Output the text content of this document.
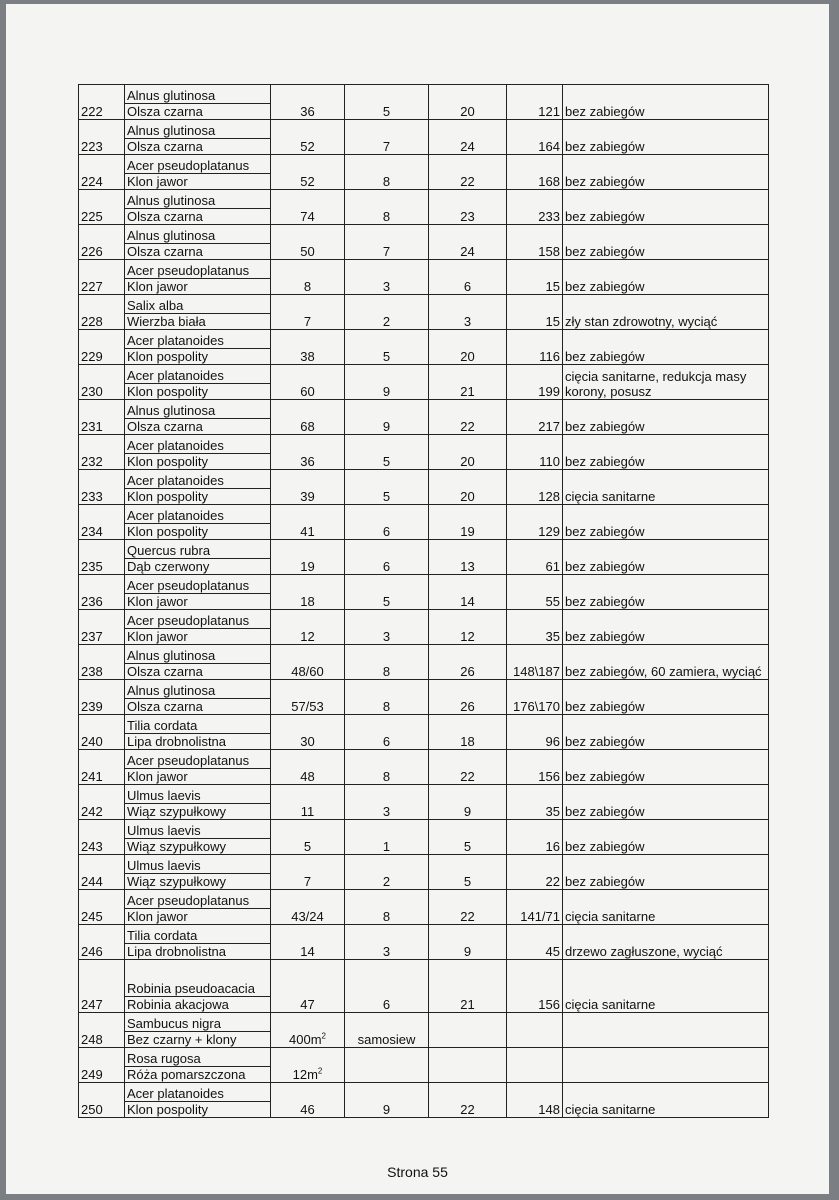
222	Alnus glutinosa
Olsza czarna	36	5	20	121	bez zabiegów
223	Alnus glutinosa
Olsza czarna	52	7	24	164	bez zabiegów
224	Acer pseudoplatanus
Klon jawor	52	8	22	168	bez zabiegów
225	Alnus glutinosa
Olsza czarna	74	8	23	233	bez zabiegów
226	Alnus glutinosa
Olsza czarna	50	7	24	158	bez zabiegów
227	Acer pseudoplatanus
Klon jawor	8	3	6	15	bez zabiegów
228	Salix alba
Wierzba biała	7	2	3	15	zły stan zdrowotny, wyciąć
229	Acer platanoides
Klon pospolity	38	5	20	116	bez zabiegów
230	Acer platanoides
Klon pospolity	60	9	21	199	cięcia sanitarne, redukcja masy korony, posusz
231	Alnus glutinosa
Olsza czarna	68	9	22	217	bez zabiegów
232	Acer platanoides
Klon pospolity	36	5	20	110	bez zabiegów
233	Acer platanoides
Klon pospolity	39	5	20	128	cięcia sanitarne
234	Acer platanoides
Klon pospolity	41	6	19	129	bez zabiegów
235	Quercus rubra
Dąb czerwony	19	6	13	61	bez zabiegów
236	Acer pseudoplatanus
Klon jawor	18	5	14	55	bez zabiegów
237	Acer pseudoplatanus
Klon jawor	12	3	12	35	bez zabiegów
238	Alnus glutinosa
Olsza czarna	48/60	8	26	148\187	bez zabiegów, 60 zamiera, wyciąć
239	Alnus glutinosa
Olsza czarna	57/53	8	26	176\170	bez zabiegów
240	Tilia cordata
Lipa drobnolistna	30	6	18	96	bez zabiegów
241	Acer pseudoplatanus
Klon jawor	48	8	22	156	bez zabiegów
242	Ulmus laevis
Wiąz szypułkowy	11	3	9	35	bez zabiegów
243	Ulmus laevis
Wiąz szypułkowy	5	1	5	16	bez zabiegów
244	Ulmus laevis
Wiąz szypułkowy	7	2	5	22	bez zabiegów
245	Acer pseudoplatanus
Klon jawor	43/24	8	22	141/71	cięcia sanitarne
246	Tilia cordata
Lipa drobnolistna	14	3	9	45	drzewo zagłuszone, wyciąć
247	Robinia pseudoacacia
Robinia akacjowa	47	6	21	156	cięcia sanitarne
248	Sambucus nigra
Bez czarny + klony	$400m^2$	samosiew			
249	Rosa rugosa
Róża pomarszczona	$12m^2$				
250	Acer platanoides
Klon pospolity	46	9	22	148	cięcia sanitarne
Strona 55
